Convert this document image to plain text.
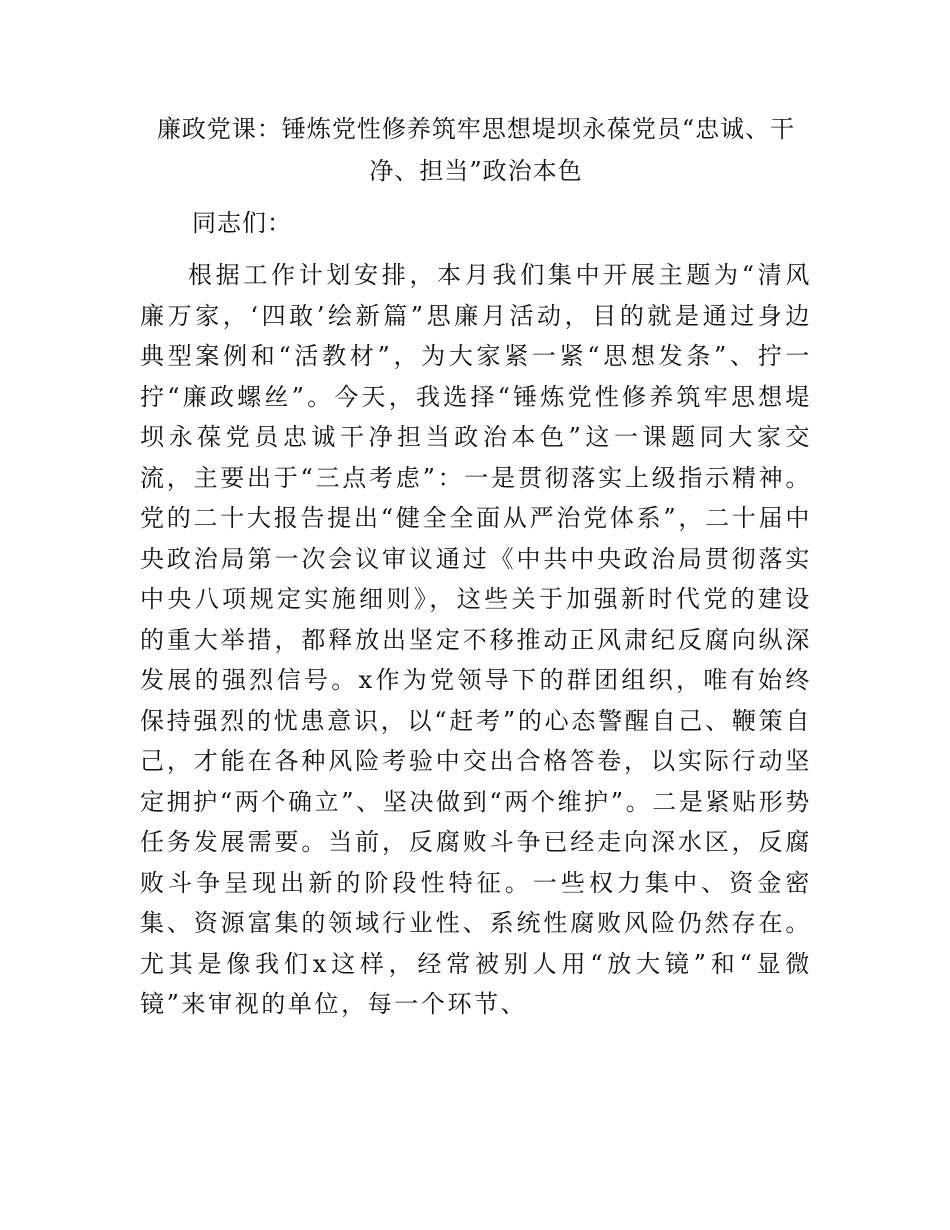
廉政党课：锤炼党性修养筑牢思想堤坝永葆党员“忠诚、干净、担当”政治本色
同志们：

根据工作计划安排，本月我们集中开展主题为“清风廉万家，‘四敢’绘新篇”思廉月活动，目的就是通过身边典型案例和“活教材”，为大家紧一紧“思想发条”、拧一拧“廉政螺丝”。今天，我选择“锤炼党性修养筑牢思想堤坝永葆党员忠诚干净担当政治本色”这一课题同大家交流，主要出于“三点考虑”：一是贯彻落实上级指示精神。党的二十大报告提出“健全全面从严治党体系”，二十届中央政治局第一次会议审议通过《中共中央政治局贯彻落实中央八项规定实施细则》，这些关于加强新时代党的建设的重大举措，都释放出坚定不移推动正风肃纪反腐向纵深发展的强烈信号。x作为党领导下的群团组织，唯有始终保持强烈的忧患意识，以“赶考”的心态警醒自己、鞭策自己，才能在各种风险考验中交出合格答卷，以实际行动坚定拥护“两个确立”、坚决做到“两个维护”。二是紧贴形势任务发展需要。当前，反腐败斗争已经走向深水区，反腐败斗争呈现出新的阶段性特征。一些权力集中、资金密集、资源富集的领域行业性、系统性腐败风险仍然存在。尤其是像我们x这样，经常被别人用“放大镜”和“显微镜”来审视的单位，每一个环节、
